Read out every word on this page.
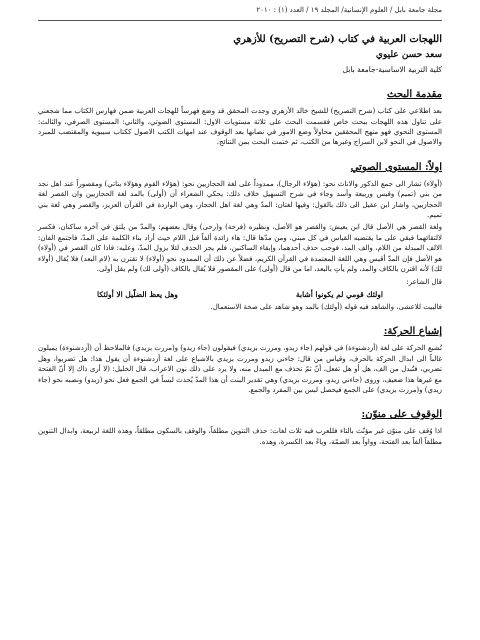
مجلة جامعة بابل / العلوم الإنسانية/ المجلد ١٩ / العدد (١) : ٢٠١٠

اللهجات العربية في كتاب (شرح التصريح) للأزهري

سعد حسن عليوي

كلية التربية الاساسية-جامعة بابل

مقدمة البحث

بعد اطلاعي على كتاب (شرح التصريح) للشيخ خالد الأزهري وجدت المحقق قد وضع فهرساً للهجات العربية ضمن فهارس الكتاب مما شجعني على تناول هذه اللهجات ببحث خاص فقسمت البحث على ثلاثة مستويات الاول: المستوى الصوتي، والثاني: المستوى الصرفي، والثالث: المستوى النحوي فهو منهج المحققين محاولاً وضع الامور في نصابها بعد الوقوف عند امهات الكتب الاصول ككتاب سيبويه والمقتضب للمبرد والاصول في النحو لابن السراج وغيرها من الكتب، ثم ختمت البحث بمن النتائج.

اولاً: المستوى الصوتي

(أولاء) تشار الى جمع الذكور والاناث نحو: (هؤلاء الرجال)، ممدوداً على لغة الحجازيين نحو: (هؤلاء القوم وهؤلاء بناتي) ومقصوراً عند اهل نجد من بني (تميم) وقيس وربيعة وأسد وجاء في شرح التسهيل خلاف ذلك: يحكي الشعراء أن (أولى) بالمد لغة الحجازيين وان القصر لغة الحجازيين، واشار ابن عقيل الى ذلك بالقول: وفيها لغتان: المدّ وهي لغة اهل الحجاز، وهي الواردة في القرآن العزيز، والقصر وهي لغة بني تميم.

ولغة القصر هي الأصل قال ابن يعيش: والقصر هو الأصل، ونظيره (فرحة) و(رحى) وقال بعضهم: والمدّ من يلتق في آخره ساكنان، فكسر لالتقائهما فبقي على ما يقتضيه القياس في كل مبني، ومن مدّها قال: هاء زائدة ألفاً قبل اللام حيث أراد بناء الكلمة على المدّ، فاجتمع الفان: الالف المبدلة من اللام، والف المد، فوجب حذف أحدهما، وإبقاء الساكنين، فلم يجز الحذف لئلا يزول المدّ، وعليه: فاذا كان القصر في (أولاء) هو الأصل فإن المدّ أقيس وهي اللغة المعتمدة في القرآن الكريم، فضلاً عن ذلك أن الممدود نحو (أولاء) لا تقترن به (لام البعد) فلا يُقال (أولاء لك) لأنه اقترن بالكاف والمد، ولم يأتِ بالبعد، اما من قال (أولى) على المقصور فلا يُقال بالكاف (أولى لك) ولم يقل أولى.

قال الشاعر:

اولئك قومي لم يكونوا أشابة
وهل يعظ الضلّيل الا أولئكا

فالبيت للاعشى، والشاهد فيه قوله (أولئك) بالمد وهو شاهد على صحة الاستعمال.

إشباع الحركة:

تُشبع الحركة على لغة (أزدشنوءة) في قولهم (جاء زيدو، ومررت بزيدي) فيقولون (جاء زيدو) و(مررت بزيدي) فالملاحظ أن (أزدشنوءة) يميلون غالباً الى ابدال الحركة بالحرف، وقياس من قال: جاءني زيدو ومررت بزيدي بالاشباع على لغة أزدشنوءة أن يقول هذا: هل تضربوا، وهل تضربي، فتُبدل من الف، هل أو هل تفعل، أنّ ثمّ تحذف مع المبدل منه، ولا يرد على ذلك نون الاعراب، قال الخليل: (لا أرى ذاك إلا أنّ الفتحة مع غيرها هذا ضعيف، وروى (جاءني زيدو، ومررت بزيدي) وهي تقدير البنت أن هذا المدّ يُحدث لبساً في الجمع فعل نحو (زيدو) ونصبه نحو (جاء زيدي) و(مررت بزيدي) على الجمع فيحصل لبس بين المفرد والجمع.

الوقوف على منوّن:

اذا وُقف على منوّن غير مؤنّث بالتاء فللعرب فيه ثلاث لغات: حذف التنوين مطلقاً، والوقف بالسكون مطلقاً، وهذه اللغة لربيعة، وابدال التنوين مطلقاً ألفاً بعد الفتحة، وواواً بعد الضمّة، وياءً بعد الكسرة، وهذه.
